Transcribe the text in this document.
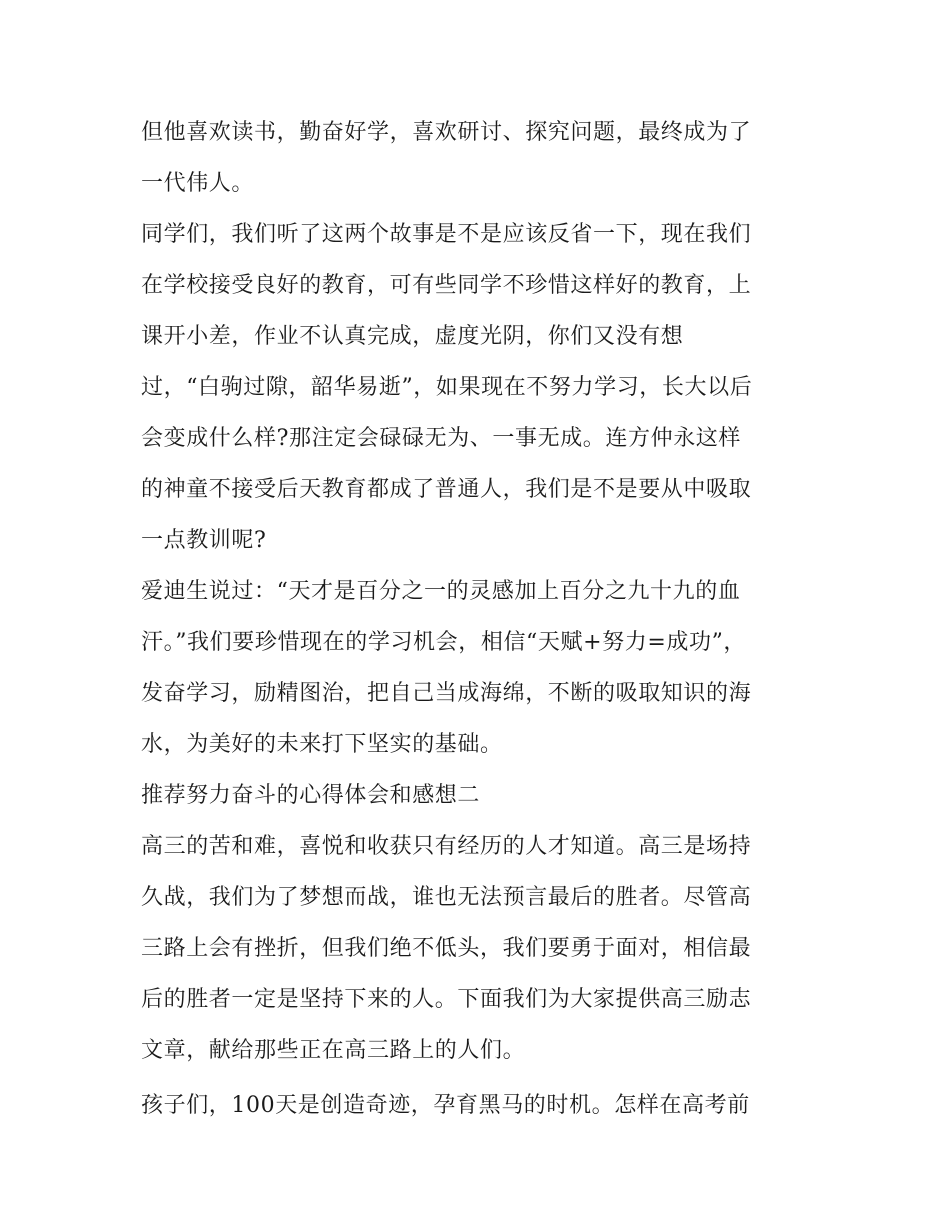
但他喜欢读书，勤奋好学，喜欢研讨、探究问题，最终成为了
一代伟人。
同学们，我们听了这两个故事是不是应该反省一下，现在我们
在学校接受良好的教育，可有些同学不珍惜这样好的教育，上
课开小差，作业不认真完成，虚度光阴，你们又没有想
过，“白驹过隙，韶华易逝”，如果现在不努力学习，长大以后
会变成什么样?那注定会碌碌无为、一事无成。连方仲永这样
的神童不接受后天教育都成了普通人，我们是不是要从中吸取
一点教训呢?
爱迪生说过：“天才是百分之一的灵感加上百分之九十九的血
汗。”我们要珍惜现在的学习机会，相信“天赋+努力=成功”，
发奋学习，励精图治，把自己当成海绵，不断的吸取知识的海
水，为美好的未来打下坚实的基础。
推荐努力奋斗的心得体会和感想二
高三的苦和难，喜悦和收获只有经历的人才知道。高三是场持
久战，我们为了梦想而战，谁也无法预言最后的胜者。尽管高
三路上会有挫折，但我们绝不低头，我们要勇于面对，相信最
后的胜者一定是坚持下来的人。下面我们为大家提供高三励志
文章，献给那些正在高三路上的人们。
孩子们，100天是创造奇迹，孕育黑马的时机。怎样在高考前
